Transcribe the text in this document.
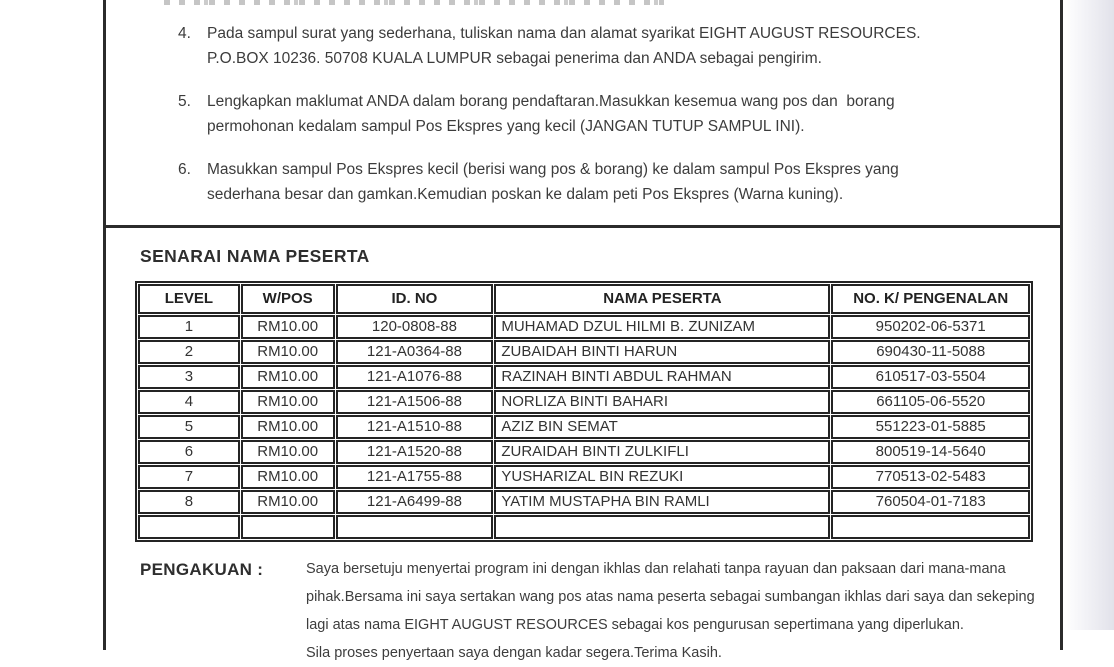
4.	Pada sampul surat yang sederhana, tuliskan nama dan alamat syarikat EIGHT AUGUST RESOURCES.
P.O.BOX 10236. 50708 KUALA LUMPUR sebagai penerima dan ANDA sebagai pengirim.
5.	Lengkapkan maklumat ANDA dalam borang pendaftaran.Masukkan kesemua wang pos dan  borang
permohonan kedalam sampul Pos Ekspres yang kecil (JANGAN TUTUP SAMPUL INI).
6.	Masukkan sampul Pos Ekspres kecil (berisi wang pos & borang) ke dalam sampul Pos Ekspres yang
sederhana besar dan gamkan.Kemudian poskan ke dalam peti Pos Ekspres (Warna kuning).
SENARAI NAMA PESERTA
LEVEL	W/POS	ID. NO	NAMA PESERTA	NO. K/ PENGENALAN
1	RM10.00	120-0808-88	MUHAMAD DZUL HILMI B. ZUNIZAM	950202-06-5371
2	RM10.00	121-A0364-88	ZUBAIDAH BINTI HARUN	690430-11-5088
3	RM10.00	121-A1076-88	RAZINAH BINTI ABDUL RAHMAN	610517-03-5504
4	RM10.00	121-A1506-88	NORLIZA BINTI BAHARI	661105-06-5520
5	RM10.00	121-A1510-88	AZIZ BIN SEMAT	551223-01-5885
6	RM10.00	121-A1520-88	ZURAIDAH BINTI ZULKIFLI	800519-14-5640
7	RM10.00	121-A1755-88	YUSHARIZAL BIN REZUKI	770513-02-5483
8	RM10.00	121-A6499-88	YATIM MUSTAPHA BIN RAMLI	760504-01-7183

PENGAKUAN :	Saya bersetuju menyertai program ini dengan ikhlas dan relahati tanpa rayuan dan paksaan dari mana-mana
pihak.Bersama ini saya sertakan wang pos atas nama peserta sebagai sumbangan ikhlas dari saya dan sekeping
lagi atas nama EIGHT AUGUST RESOURCES sebagai kos pengurusan sepertimana yang diperlukan.
Sila proses penyertaan saya dengan kadar segera.Terima Kasih.
